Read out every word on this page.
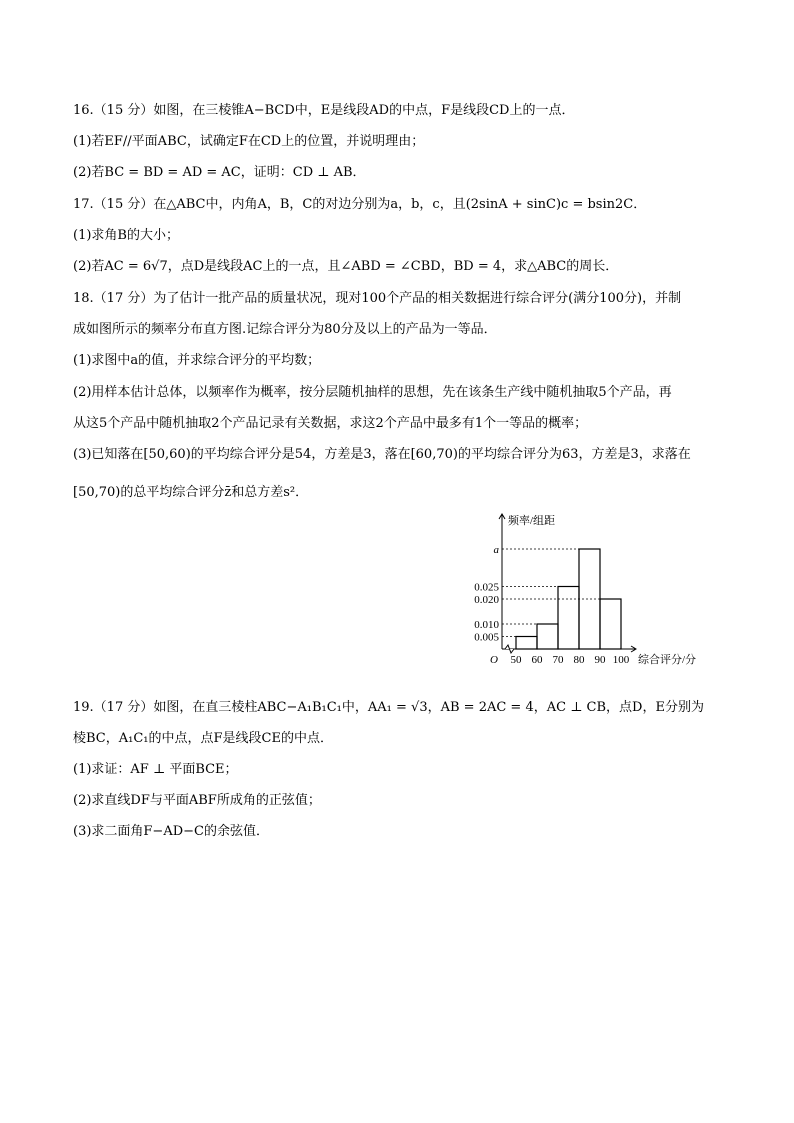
16.（15 分）如图，在三棱锥A−BCD中，E是线段AD的中点，F是线段CD上的一点．
(1)若EF//平面ABC，试确定F在CD上的位置，并说明理由；
(2)若BC = BD = AD = AC，证明：CD ⊥ AB．
17.（15 分）在△ABC中，内角A，B，C的对边分别为a，b，c，且(2sinA + sinC)c = bsin2C．
(1)求角B的大小；
(2)若AC = 6√7，点D是线段AC上的一点，且∠ABD = ∠CBD，BD = 4，求△ABC的周长．
18.（17 分）为了估计一批产品的质量状况，现对100个产品的相关数据进行综合评分(满分100分)，并制
成如图所示的频率分布直方图.记综合评分为80分及以上的产品为一等品．
(1)求图中a的值，并求综合评分的平均数；
(2)用样本估计总体，以频率作为概率，按分层随机抽样的思想，先在该条生产线中随机抽取5个产品，再
从这5个产品中随机抽取2个产品记录有关数据，求这2个产品中最多有1个一等品的概率；
(3)已知落在[50,60)的平均综合评分是54，方差是3，落在[60,70)的平均综合评分为63，方差是3，求落在
[50,70)的总平均综合评分z̄和总方差s²．
0.005
0.010
0.020
0.025
a
50 60 70 80 90 100
O
频率/组距
综合评分/分
19.（17 分）如图，在直三棱柱ABC−A₁B₁C₁中，AA₁ = √3，AB = 2AC = 4，AC ⊥ CB，点D，E分别为
棱BC，A₁C₁的中点，点F是线段CE的中点．
(1)求证：AF ⊥ 平面BCE；
(2)求直线DF与平面ABF所成角的正弦值；
(3)求二面角F−AD−C的余弦值．
